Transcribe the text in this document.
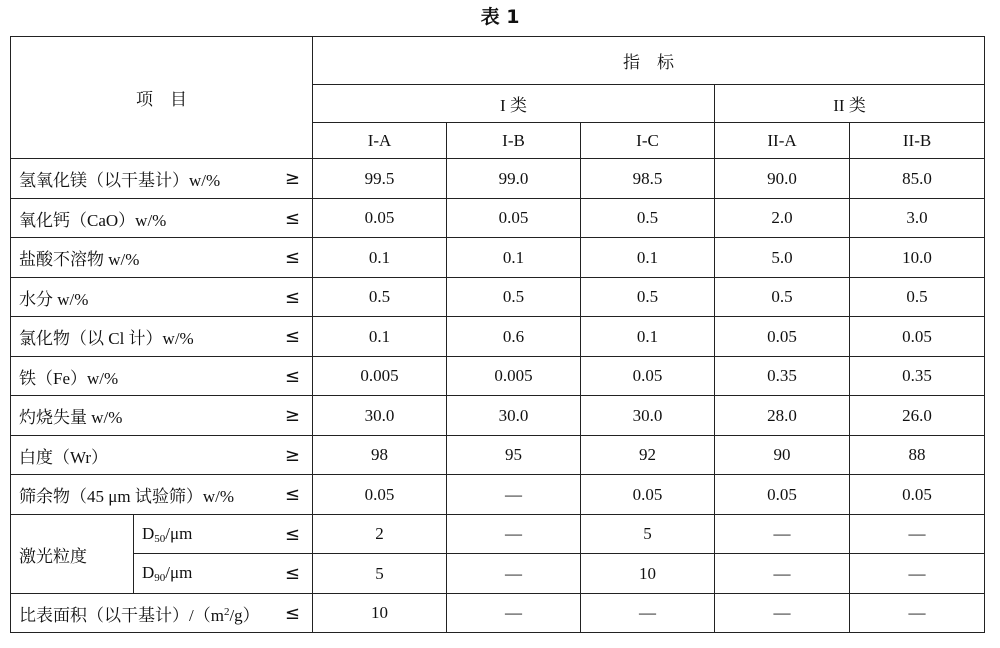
表 1
项　目			指　标				
			I 类			II 类	
			I-A	I-B	I-C	II-A	II-B
氢氧化镁（以干基计）w/%		≥	99.5	99.0	98.5	90.0	85.0
氧化钙（CaO）w/%		≤	0.05	0.05	0.5	2.0	3.0
盐酸不溶物 w/%		≤	0.1	0.1	0.1	5.0	10.0
水分 w/%		≤	0.5	0.5	0.5	0.5	0.5
氯化物（以 Cl 计）w/%		≤	0.1	0.6	0.1	0.05	0.05
铁（Fe）w/%		≤	0.005	0.005	0.05	0.35	0.35
灼烧失量 w/%		≥	30.0	30.0	30.0	28.0	26.0
白度（Wr）		≥	98	95	92	90	88
筛余物（45 μm 试验筛）w/%		≤	0.05	—	0.05	0.05	0.05
激光粒度	$D_{50}/\mu m$	≤	2	—	5	—	—
	$D_{90}/\mu m$	≤	5	—	10	—	—
比表面积（以干基计）$/(m^2/g)$		≤	10	—	—	—	—
